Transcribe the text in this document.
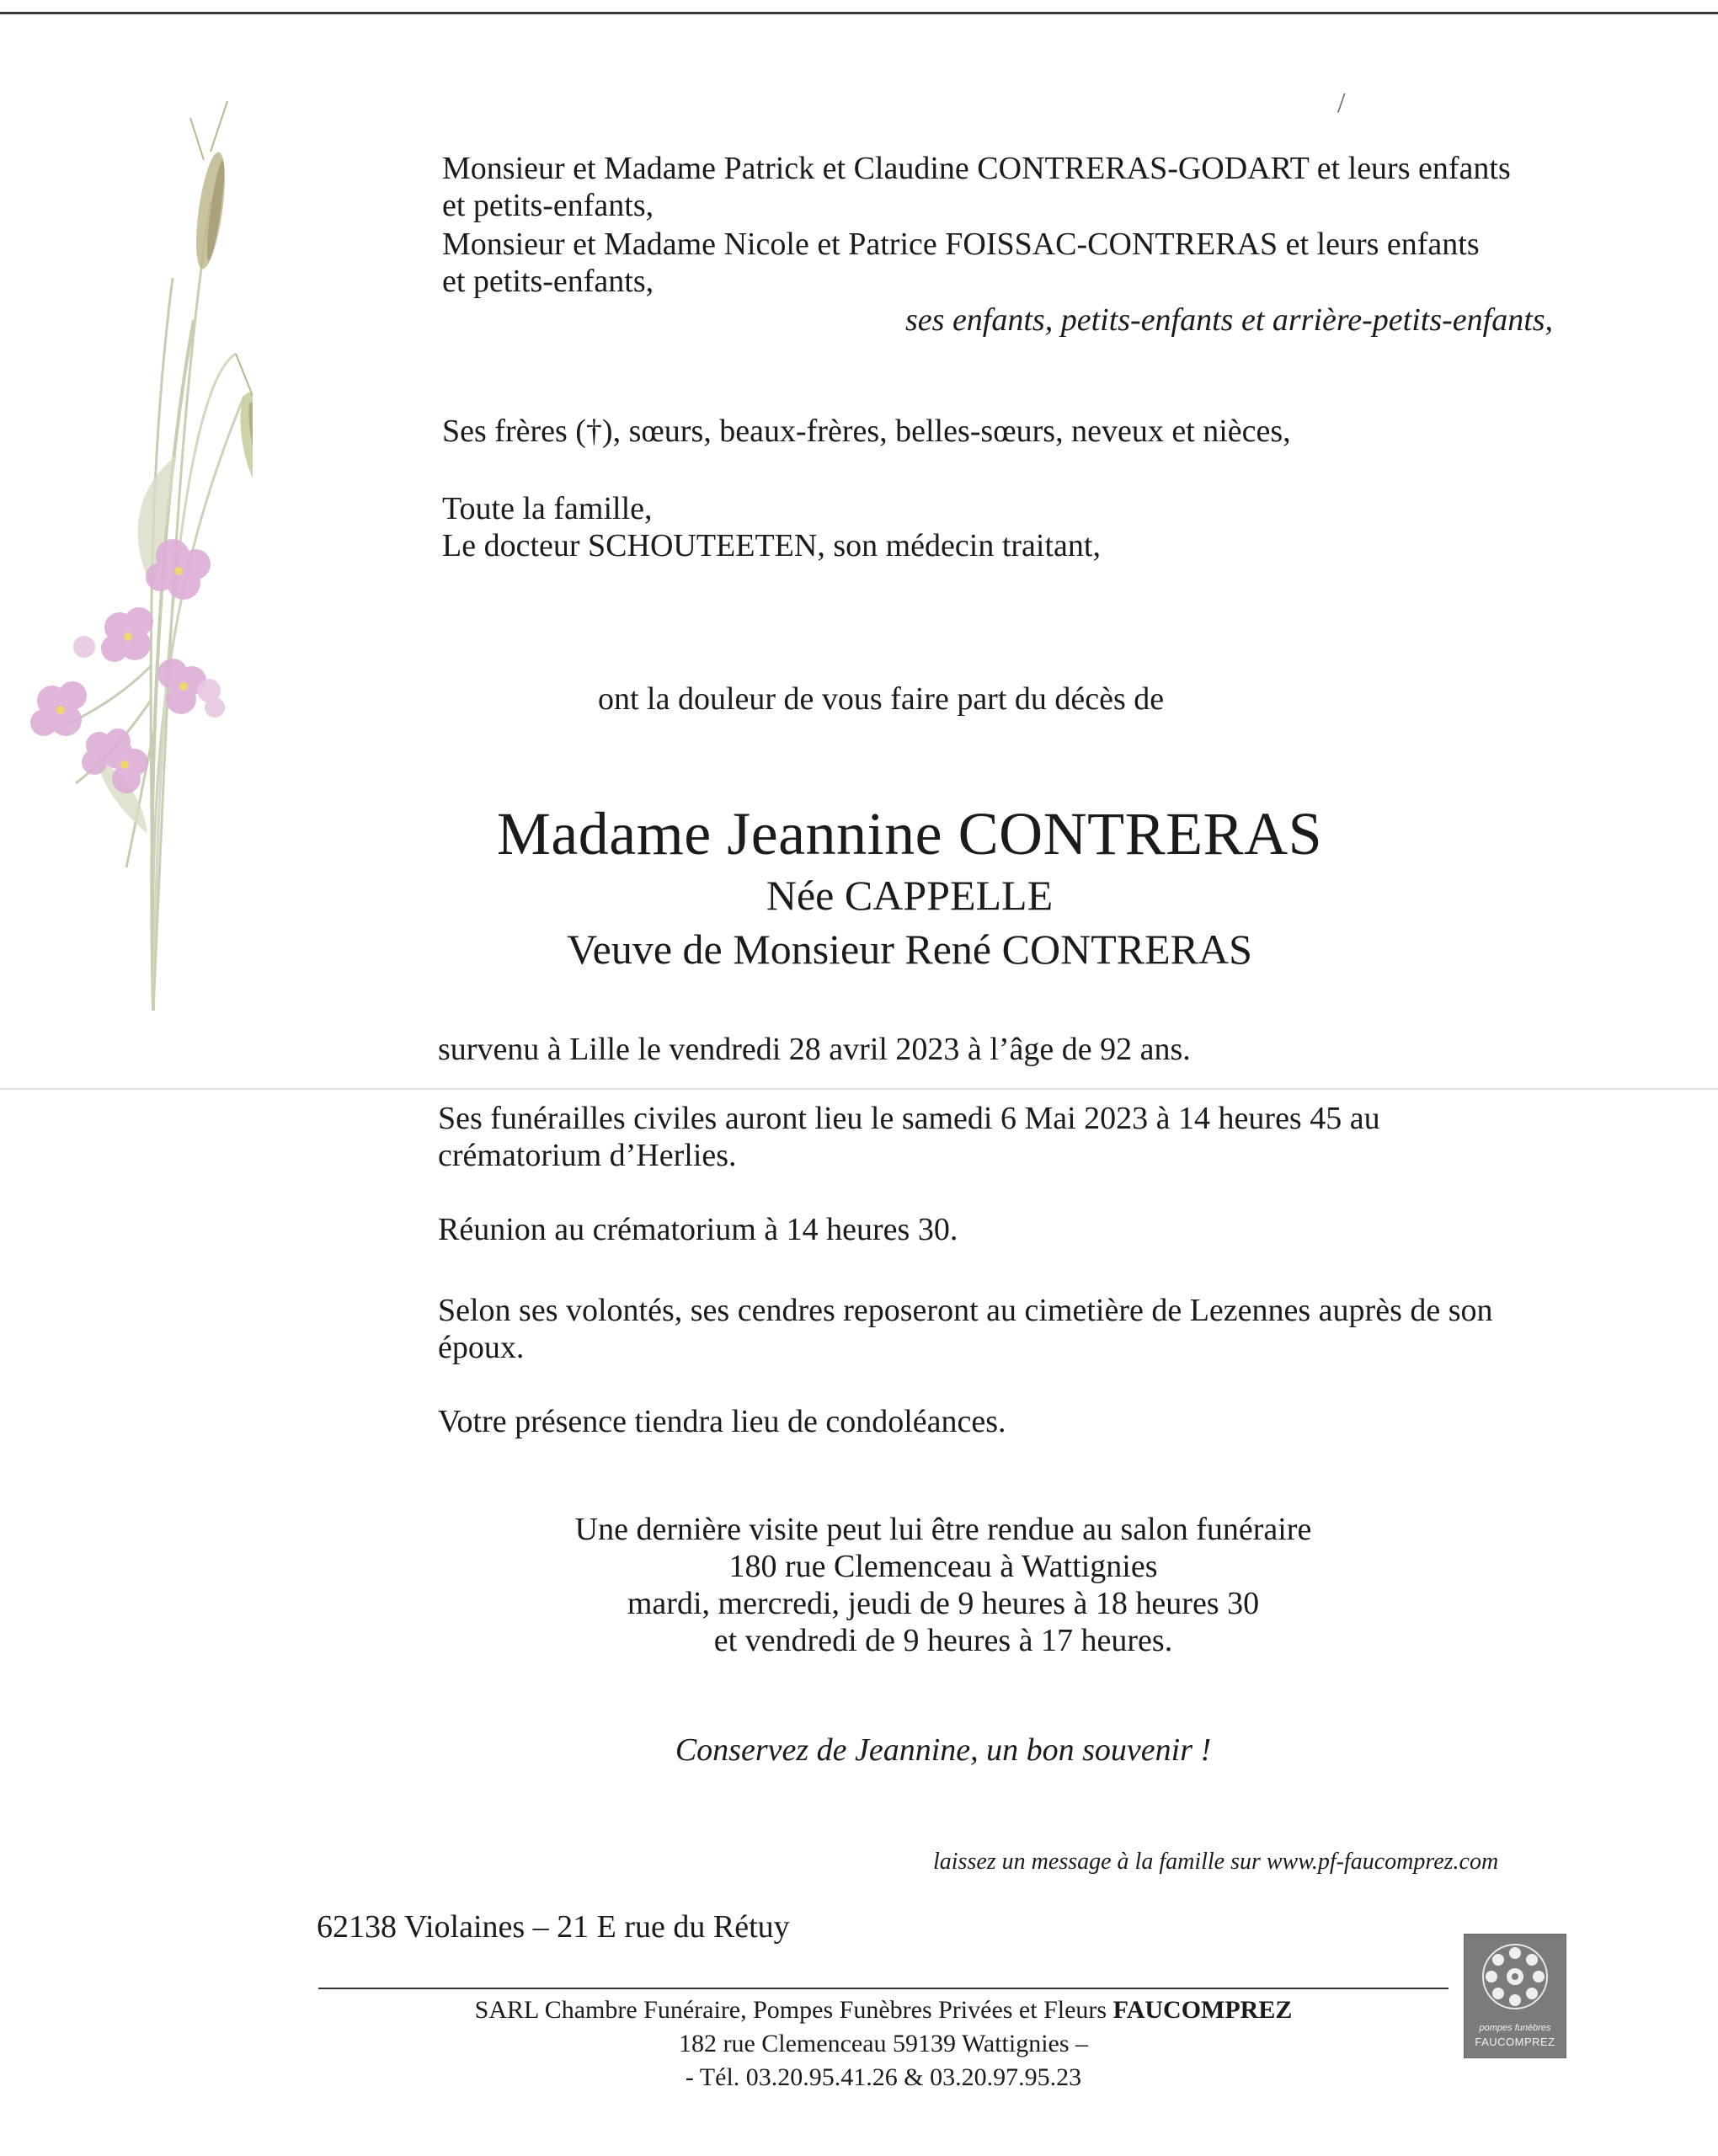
/
Monsieur et Madame Patrick et Claudine CONTRERAS-GODART et leurs enfants
et petits-enfants,
Monsieur et Madame Nicole et Patrice FOISSAC-CONTRERAS et leurs enfants
et petits-enfants,
ses enfants, petits-enfants et arrière-petits-enfants,
Ses frères (†), sœurs, beaux-frères, belles-sœurs, neveux et nièces,
Toute la famille,
Le docteur SCHOUTEETEN, son médecin traitant,
ont la douleur de vous faire part du décès de
Madame Jeannine CONTRERAS
Née CAPPELLE
Veuve de Monsieur René CONTRERAS
survenu à Lille le vendredi 28 avril 2023 à l’âge de 92 ans.
Ses funérailles civiles auront lieu le samedi 6 Mai 2023 à 14 heures 45 au
crématorium d’Herlies.
Réunion au crématorium à 14 heures 30.
Selon ses volontés, ses cendres reposeront au cimetière de Lezennes auprès de son
époux.
Votre présence tiendra lieu de condoléances.
Une dernière visite peut lui être rendue au salon funéraire
180 rue Clemenceau à Wattignies
mardi, mercredi, jeudi de 9 heures à 18 heures 30
et vendredi de 9 heures à 17 heures.
Conservez de Jeannine, un bon souvenir !
laissez un message à la famille sur www.pf-faucomprez.com
62138 Violaines – 21 E rue du Rétuy
SARL Chambre Funéraire, Pompes Funèbres Privées et Fleurs FAUCOMPREZ
182 rue Clemenceau 59139 Wattignies –
- Tél. 03.20.95.41.26 & 03.20.97.95.23
pompes funèbres
FAUCOMPREZ
